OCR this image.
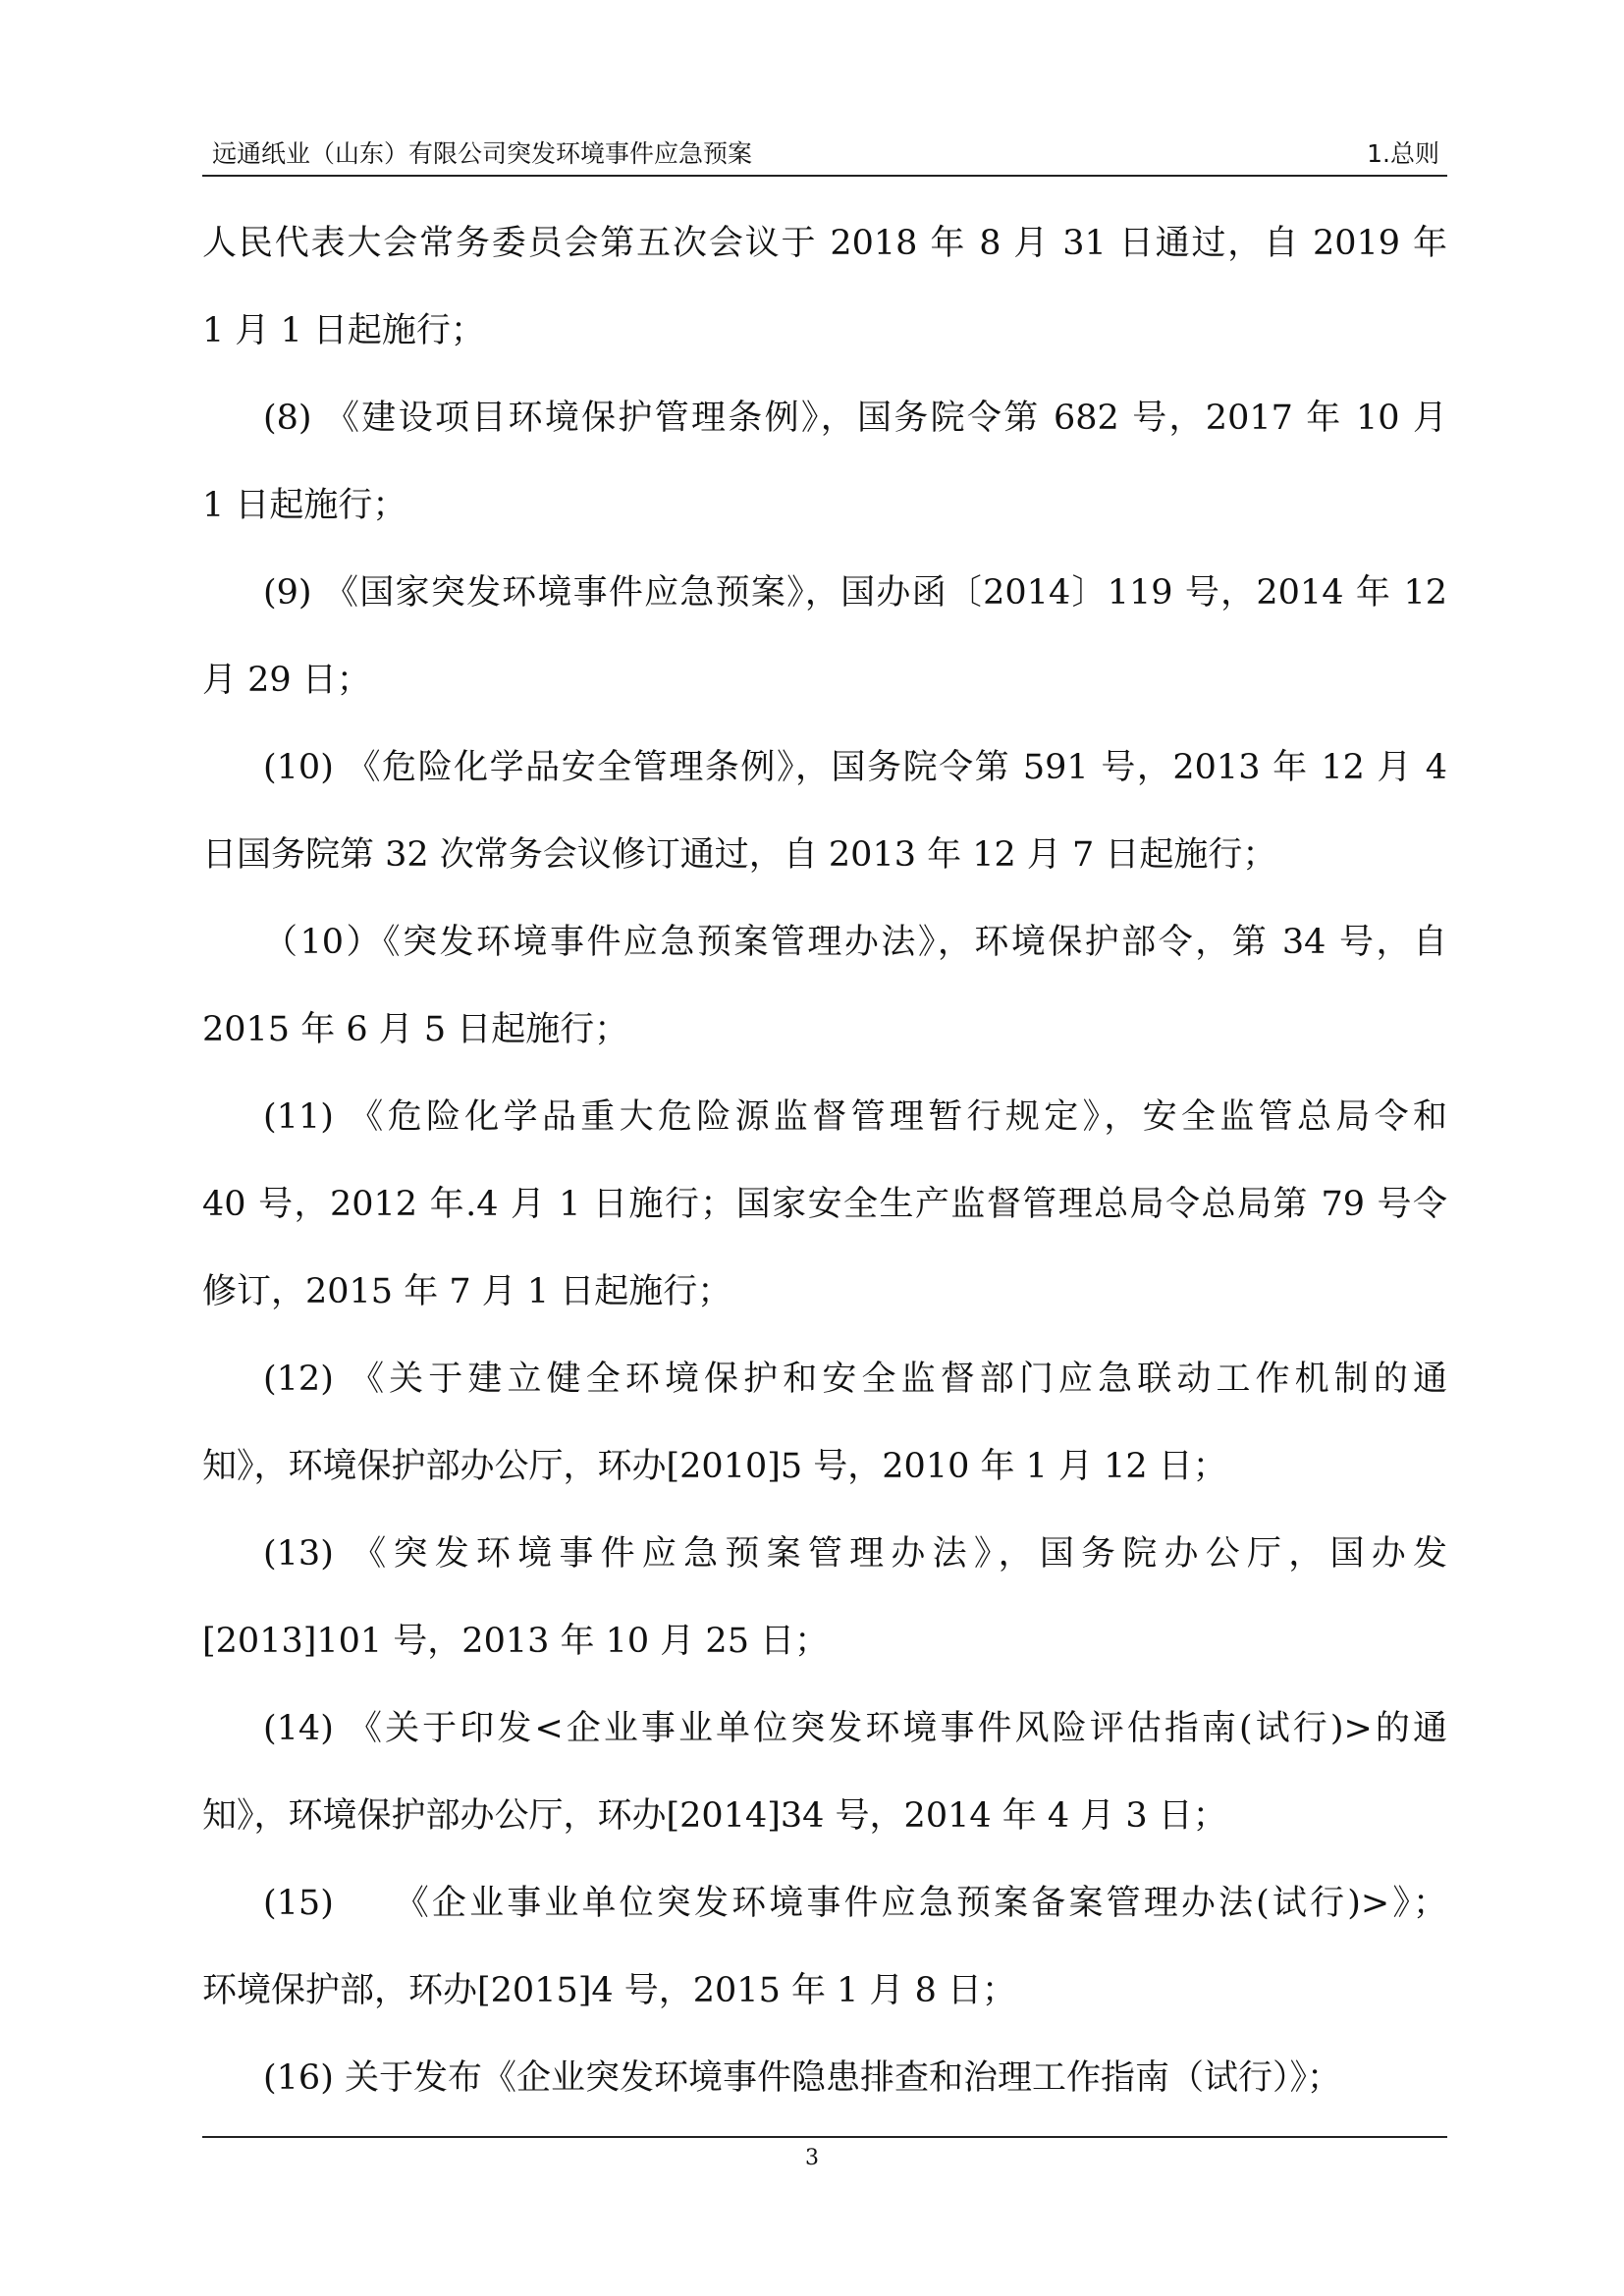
远通纸业（山东）有限公司突发环境事件应急预案	1.总则
人民代表大会常务委员会第五次会议于 2018 年 8 月 31 日通过，自 2019 年
1 月 1 日起施行；
(8) 《建设项目环境保护管理条例》，国务院令第 682 号，2017 年 10 月
1 日起施行；
(9) 《国家突发环境事件应急预案》，国办函〔2014〕119 号，2014 年 12
月 29 日；
(10) 《危险化学品安全管理条例》，国务院令第 591 号，2013 年 12 月 4
日国务院第 32 次常务会议修订通过，自 2013 年 12 月 7 日起施行；
（10）《突发环境事件应急预案管理办法》，环境保护部令，第 34 号，自
2015 年 6 月 5 日起施行；
(11) 《危险化学品重大危险源监督管理暂行规定》，安全监管总局令和
40 号，2012 年.4 月 1 日施行；国家安全生产监督管理总局令总局第 79 号令
修订，2015 年 7 月 1 日起施行；
(12) 《关于建立健全环境保护和安全监督部门应急联动工作机制的通
知》，环境保护部办公厅，环办[2010]5 号，2010 年 1 月 12 日；
(13) 《突发环境事件应急预案管理办法》，国务院办公厅，国办发
[2013]101 号，2013 年 10 月 25 日；
(14) 《关于印发<企业事业单位突发环境事件风险评估指南(试行)>的通
知》，环境保护部办公厅，环办[2014]34 号，2014 年 4 月 3 日；
(15)　　《企业事业单位突发环境事件应急预案备案管理办法(试行)>》；
环境保护部，环办[2015]4 号，2015 年 1 月 8 日；
(16) 关于发布《企业突发环境事件隐患排查和治理工作指南（试行）》；
3
